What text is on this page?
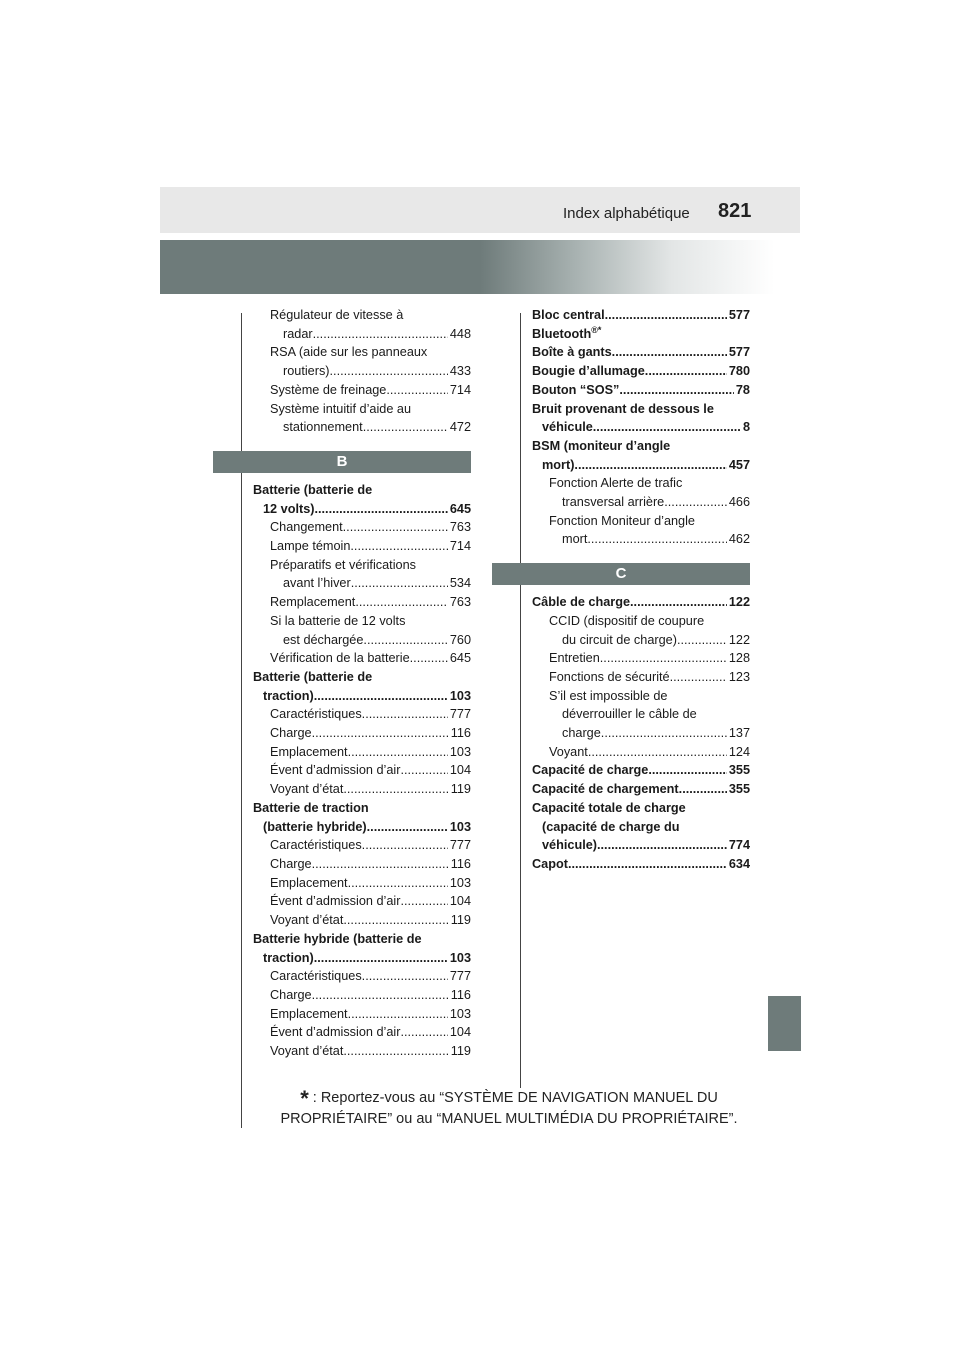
Index alphabétique 821
Régulateur de vitesse à
radar .....	448
RSA (aide sur les panneaux
routiers) .....	433
Système de freinage .....	714
Système intuitif d’aide au
stationnement .....	472
B
Batterie (batterie de
12 volts) .....	645
Changement .....	763
Lampe témoin .....	714
Préparatifs et vérifications
avant l’hiver .....	534
Remplacement .....	763
Si la batterie de 12 volts
est déchargée .....	760
Vérification de la batterie .....	645
Batterie (batterie de
traction) .....	103
Caractéristiques .....	777
Charge .....	116
Emplacement .....	103
Évent d’admission d’air .....	104
Voyant d’état .....	119
Batterie de traction
(batterie hybride) .....	103
Caractéristiques .....	777
Charge .....	116
Emplacement .....	103
Évent d’admission d’air .....	104
Voyant d’état .....	119
Batterie hybride (batterie de
traction) .....	103
Caractéristiques .....	777
Charge .....	116
Emplacement .....	103
Évent d’admission d’air .....	104
Voyant d’état .....	119
Bloc central .....	577
Bluetooth®*
Boîte à gants .....	577
Bougie d’allumage .....	780
Bouton “SOS” .....	78
Bruit provenant de dessous le
véhicule .....	8
BSM (moniteur d’angle
mort) .....	457
Fonction Alerte de trafic
transversal arrière .....	466
Fonction Moniteur d’angle
mort .....	462
C
Câble de charge .....	122
CCID (dispositif de coupure
du circuit de charge) .....	122
Entretien .....	128
Fonctions de sécurité .....	123
S’il est impossible de
déverrouiller le câble de
charge .....	137
Voyant .....	124
Capacité de charge .....	355
Capacité de chargement .....	355
Capacité totale de charge
(capacité de charge du
véhicule) .....	774
Capot .....	634
* : Reportez-vous au “SYSTÈME DE NAVIGATION MANUEL DU PROPRIÉTAIRE” ou au “MANUEL MULTIMÉDIA DU PROPRIÉTAIRE”.
